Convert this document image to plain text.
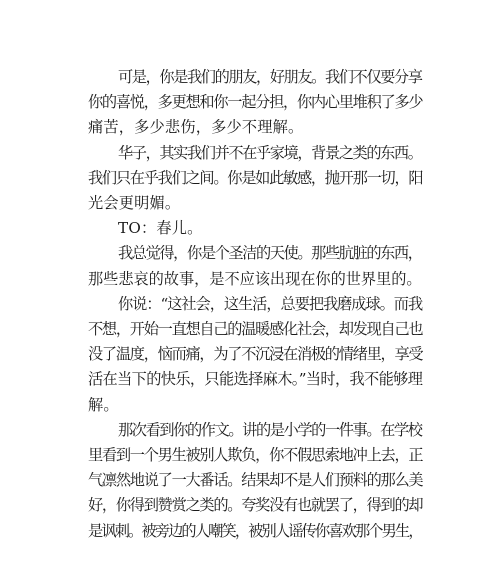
可是，你是我们的朋友，好朋友。我们不仅要分享
你的喜悦，多更想和你一起分担，你内心里堆积了多少
痛苦，多少悲伤，多少不理解。
华子，其实我们并不在乎家境，背景之类的东西。
我们只在乎我们之间。你是如此敏感，抛开那一切，阳
光会更明媚。
TO：春儿。
我总觉得，你是个圣洁的天使。那些肮脏的东西，
那些悲哀的故事，是不应该出现在你的世界里的。
你说：“这社会，这生活，总要把我磨成球。而我
不想，开始一直想自己的温暖感化社会，却发现自己也
没了温度，恼而痛，为了不沉浸在消极的情绪里，享受
活在当下的快乐，只能选择麻木。”当时，我不能够理
解。
那次看到你的作文。讲的是小学的一件事。在学校
里看到一个男生被别人欺负，你不假思索地冲上去，正
气凛然地说了一大番话。结果却不是人们预料的那么美
好，你得到赞赏之类的。夸奖没有也就罢了，得到的却
是讽刺。被旁边的人嘲笑，被别人谣传你喜欢那个男生，
